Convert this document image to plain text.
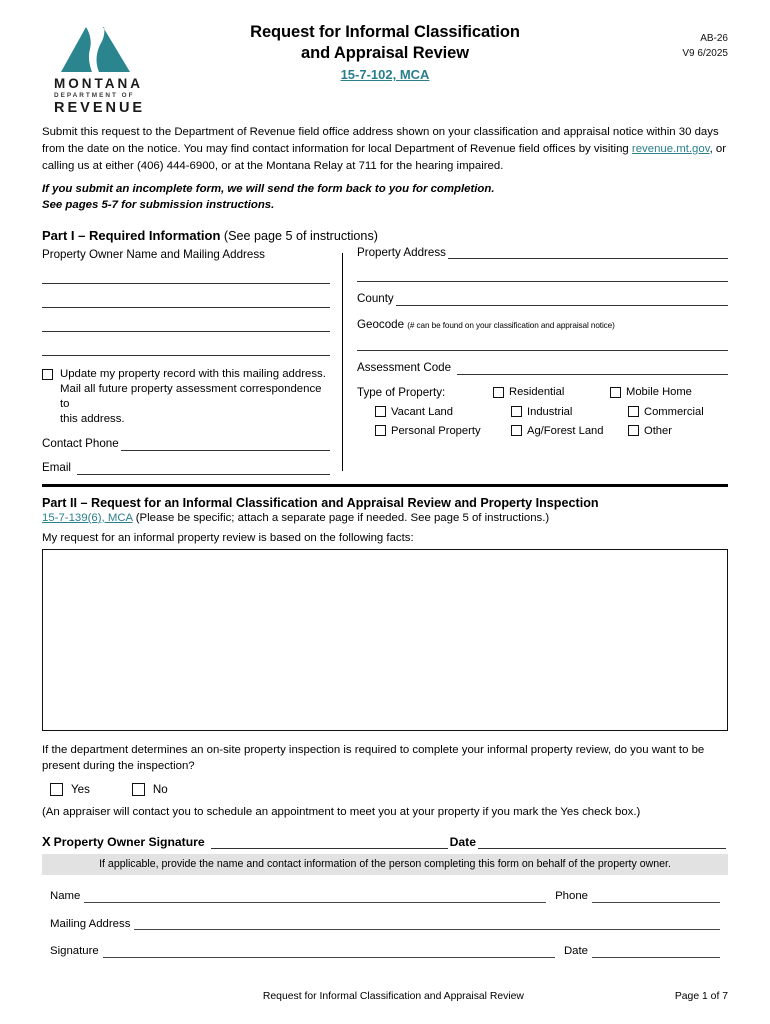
MONTANA
DEPARTMENT OF
REVENUE
Request for Informal Classification
and Appraisal Review
15-7-102, MCA
AB-26
V9 6/2025
Submit this request to the Department of Revenue field office address shown on your classification and appraisal notice within 30 days from the date on the notice. You may find contact information for local Department of Revenue field offices by visiting revenue.mt.gov, or calling us at either (406) 444-6900, or at the Montana Relay at 711 for the hearing impaired.
If you submit an incomplete form, we will send the form back to you for completion.
See pages 5-7 for submission instructions.
Part I – Required Information (See page 5 of instructions)
Property Owner Name and Mailing Address
Update my property record with this mailing address.
Mail all future property assessment correspondence to
this address.
Contact Phone
Email
Property Address
County
Geocode (# can be found on your classification and appraisal notice)
Assessment Code
Type of Property:	Residential	Mobile Home
Vacant Land	Industrial	Commercial
Personal Property	Ag/Forest Land	Other
Part II – Request for an Informal Classification and Appraisal Review and Property Inspection
15-7-139(6), MCA (Please be specific; attach a separate page if needed. See page 5 of instructions.)
My request for an informal property review is based on the following facts:
If the department determines an on-site property inspection is required to complete your informal property review, do you want to be present during the inspection?
Yes	No
(An appraiser will contact you to schedule an appointment to meet you at your property if you mark the Yes check box.)
X Property Owner Signature	Date
If applicable, provide the name and contact information of the person completing this form on behalf of the property owner.
Name	Phone
Mailing Address
Signature	Date
Request for Informal Classification and Appraisal Review	Page 1 of 7
